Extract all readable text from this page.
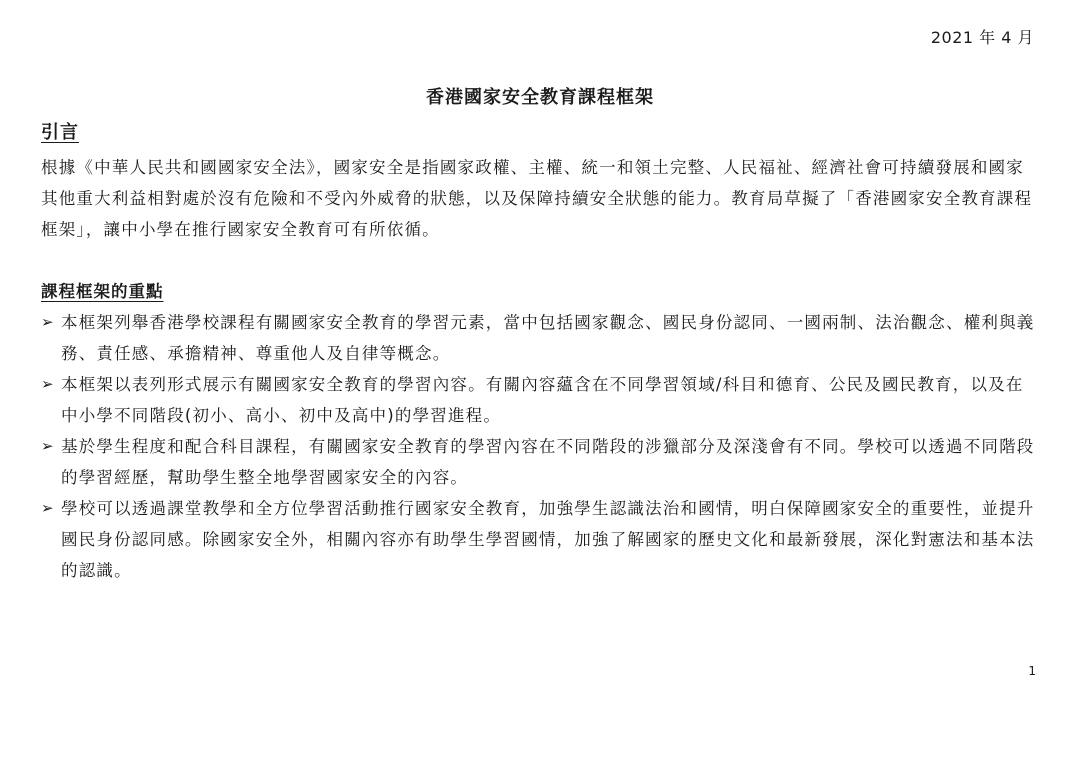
2021 年 4 月
香港國家安全教育課程框架
引言

根據《中華人民共和國國家安全法》，國家安全是指國家政權、主權、統一和領土完整、人民福祉、經濟社會可持續發展和國家其他重大利益相對處於沒有危險和不受內外威脅的狀態，以及保障持續安全狀態的能力。教育局草擬了「香港國家安全教育課程框架」，讓中小學在推行國家安全教育可有所依循。

課程框架的重點
➢ 本框架列舉香港學校課程有關國家安全教育的學習元素，當中包括國家觀念、國民身份認同、一國兩制、法治觀念、權利與義務、責任感、承擔精神、尊重他人及自律等概念。
➢ 本框架以表列形式展示有關國家安全教育的學習內容。有關內容蘊含在不同學習領域/科目和德育、公民及國民教育，以及在中小學不同階段(初小、高小、初中及高中)的學習進程。
➢ 基於學生程度和配合科目課程，有關國家安全教育的學習內容在不同階段的涉獵部分及深淺會有不同。學校可以透過不同階段的學習經歷，幫助學生整全地學習國家安全的內容。
➢ 學校可以透過課堂教學和全方位學習活動推行國家安全教育，加強學生認識法治和國情，明白保障國家安全的重要性，並提升國民身份認同感。除國家安全外，相關內容亦有助學生學習國情，加強了解國家的歷史文化和最新發展，深化對憲法和基本法的認識。
1
